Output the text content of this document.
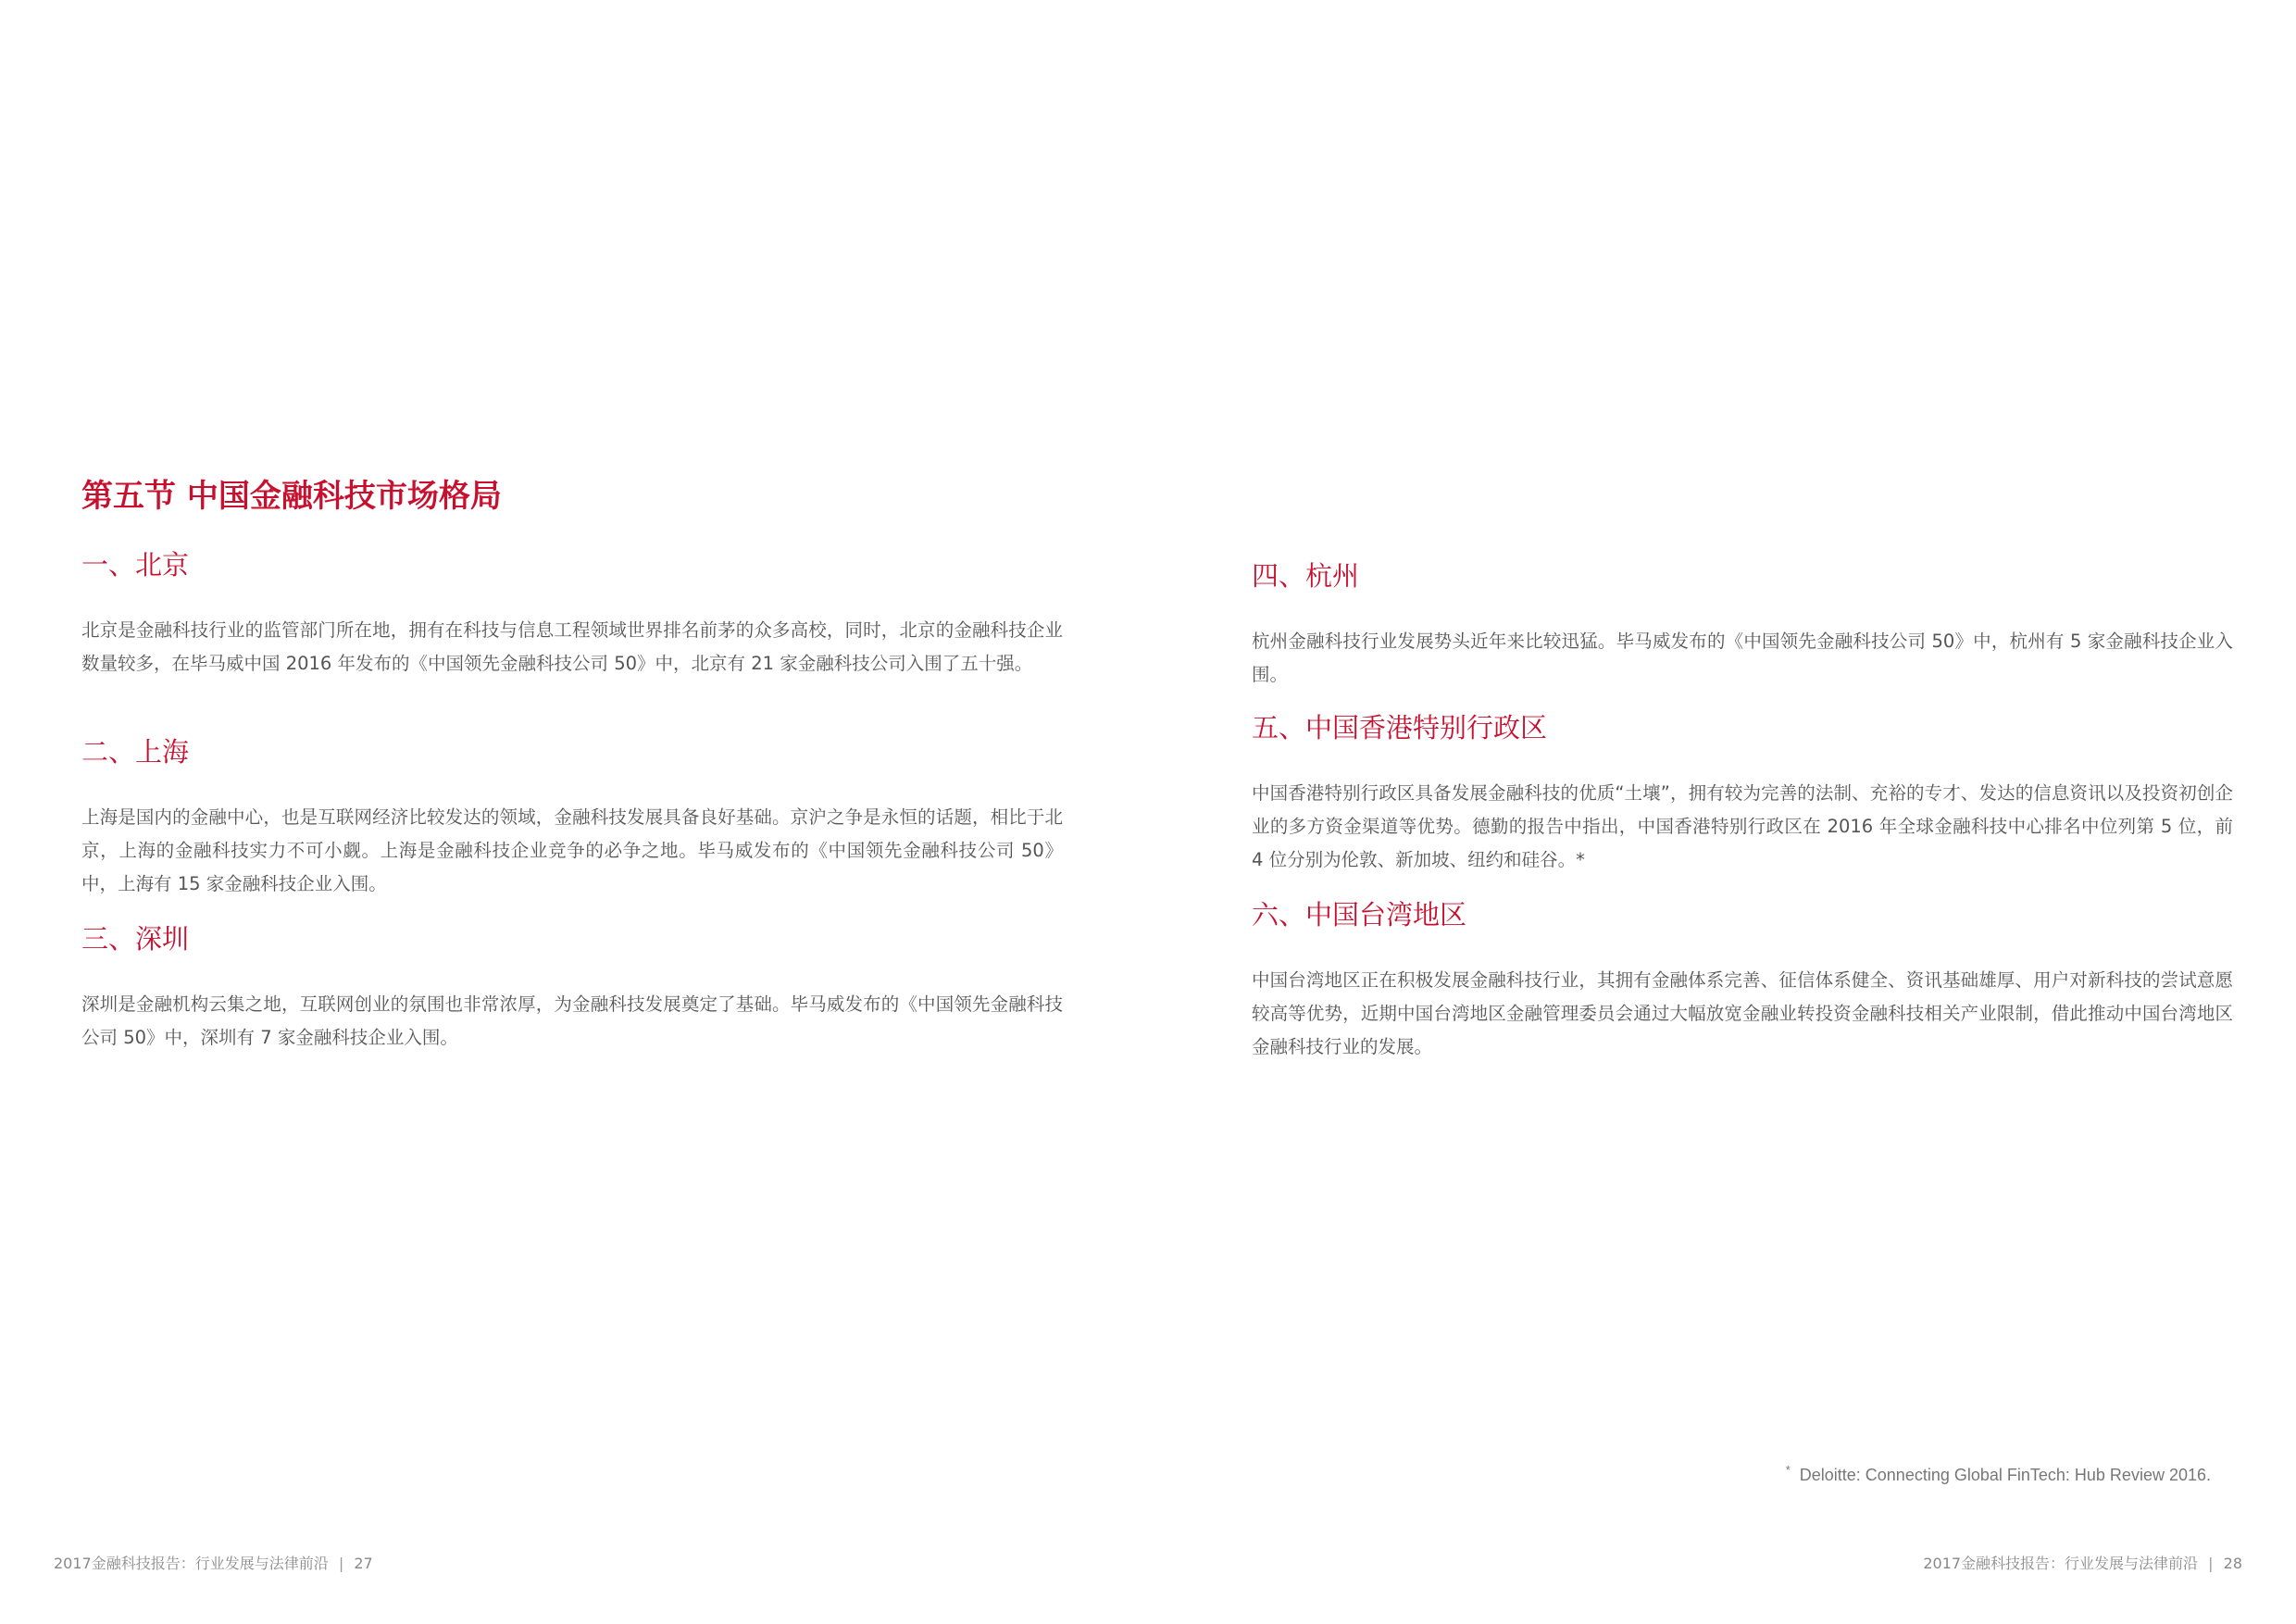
第五节 中国金融科技市场格局
一、北京

北京是金融科技行业的监管部门所在地，拥有在科技与信息工程领域世界排名前茅的众多高校，同时，北京的金融科技企业数量较多，在毕马威中国 2016 年发布的《中国领先金融科技公司 50》中，北京有 21 家金融科技公司入围了五十强。

二、上海

上海是国内的金融中心，也是互联网经济比较发达的领域，金融科技发展具备良好基础。京沪之争是永恒的话题，相比于北京，上海的金融科技实力不可小觑。上海是金融科技企业竞争的必争之地。毕马威发布的《中国领先金融科技公司 50》中，上海有 15 家金融科技企业入围。

三、深圳

深圳是金融机构云集之地，互联网创业的氛围也非常浓厚，为金融科技发展奠定了基础。毕马威发布的《中国领先金融科技公司 50》中，深圳有 7 家金融科技企业入围。

2017金融科技报告：行业发展与法律前沿 | 27
四、杭州

杭州金融科技行业发展势头近年来比较迅猛。毕马威发布的《中国领先金融科技公司 50》中，杭州有 5 家金融科技企业入围。

五、中国香港特别行政区

中国香港特别行政区具备发展金融科技的优质“土壤”，拥有较为完善的法制、充裕的专才、发达的信息资讯以及投资初创企业的多方资金渠道等优势。德勤的报告中指出，中国香港特别行政区在 2016 年全球金融科技中心排名中位列第 5 位，前 4 位分别为伦敦、新加坡、纽约和硅谷。*

六、中国台湾地区

中国台湾地区正在积极发展金融科技行业，其拥有金融体系完善、征信体系健全、资讯基础雄厚、用户对新科技的尝试意愿较高等优势，近期中国台湾地区金融管理委员会通过大幅放宽金融业转投资金融科技相关产业限制，借此推动中国台湾地区金融科技行业的发展。

* Deloitte: Connecting Global FinTech: Hub Review 2016.
2017金融科技报告：行业发展与法律前沿 | 28
